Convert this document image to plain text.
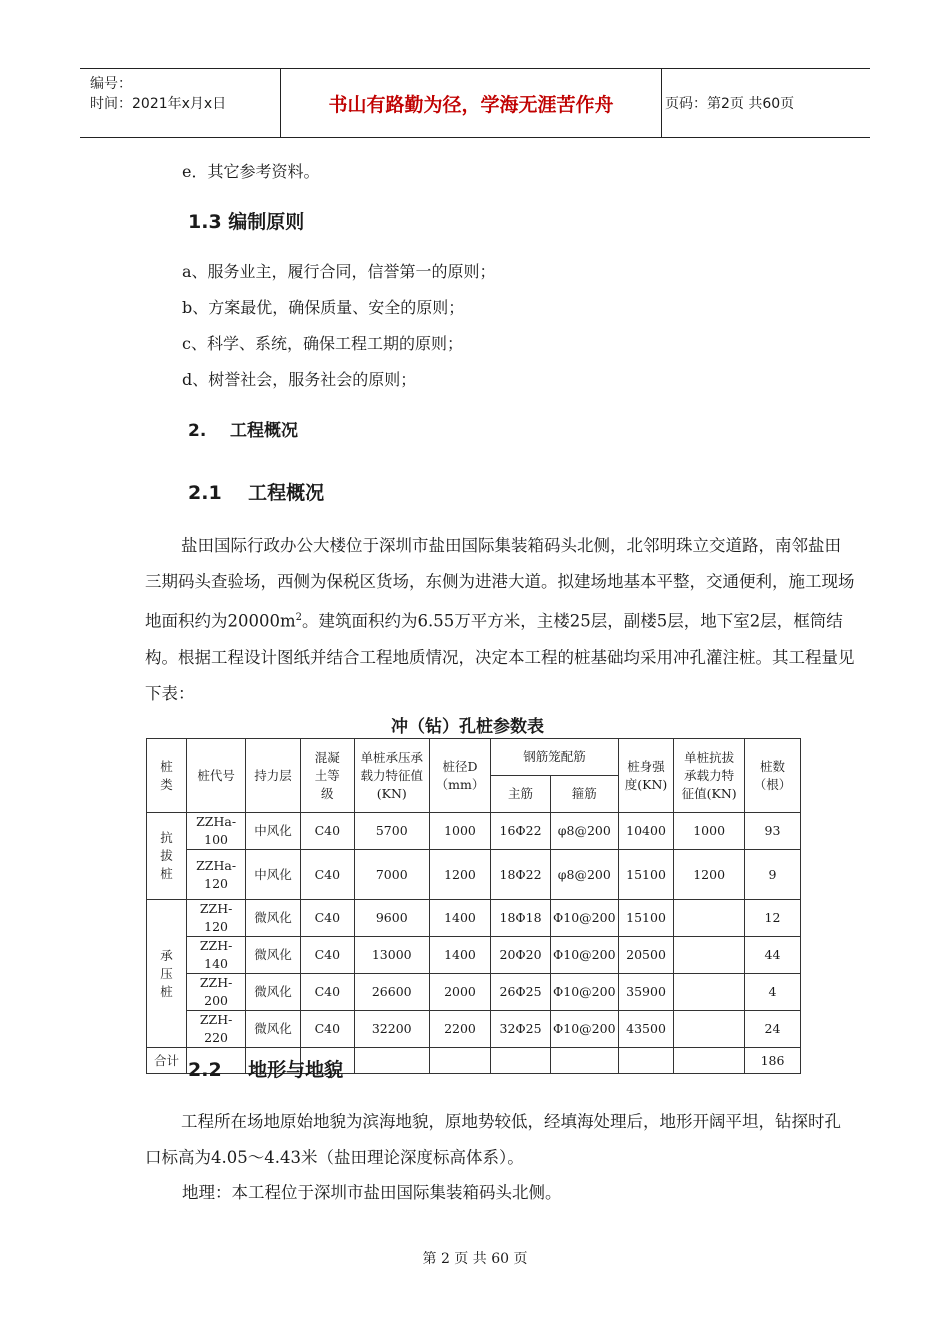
编号：
时间：2021年x月x日	书山有路勤为径，学海无涯苦作舟	页码：第2页 共60页
e．其它参考资料。
1.3 编制原则
a、服务业主，履行合同，信誉第一的原则；
b、方案最优，确保质量、安全的原则；
c、科学、系统，确保工程工期的原则；
d、树誉社会，服务社会的原则；
2.    工程概况
2.1    工程概况
盐田国际行政办公大楼位于深圳市盐田国际集装箱码头北侧，北邻明珠立交道路，南邻盐田三期码头查验场，西侧为保税区货场，东侧为进港大道。拟建场地基本平整，交通便利，施工现场地面积约为$20000m^2$。建筑面积约为6.55万平方米，主楼25层，副楼5层，地下室2层，框筒结构。根据工程设计图纸并结合工程地质情况，决定本工程的桩基础均采用冲孔灌注桩。其工程量见下表：
冲（钻）孔桩参数表
桩类	桩代号	持力层	混凝土等级	单桩承压承载力特征值(KN)	桩径D（mm）	钢筋笼配筋		桩身强度(KN)	单桩抗拔承载力特征值(KN)	桩数（根）
						主筋	箍筋			
抗拔桩	ZZHa-100	中风化	C40	5700	1000	16Φ22	φ8@200	10400	1000	93
	ZZHa-120	中风化	C40	7000	1200	18Φ22	φ8@200	15100	1200	9
承压桩	ZZH-120	微风化	C40	9600	1400	18Φ18	Φ10@200	15100		12
	ZZH-140	微风化	C40	13000	1400	20Φ20	Φ10@200	20500		44
	ZZH-200	微风化	C40	26600	2000	26Φ25	Φ10@200	35900		4
	ZZH-220	微风化	C40	32200	2200	32Φ25	Φ10@200	43500		24
合计										186
2.2    地形与地貌
工程所在场地原始地貌为滨海地貌，原地势较低，经填海处理后，地形开阔平坦，钻探时孔口标高为4.05～4.43米（盐田理论深度标高体系）。
地理：本工程位于深圳市盐田国际集装箱码头北侧。
第 2 页 共 60 页
